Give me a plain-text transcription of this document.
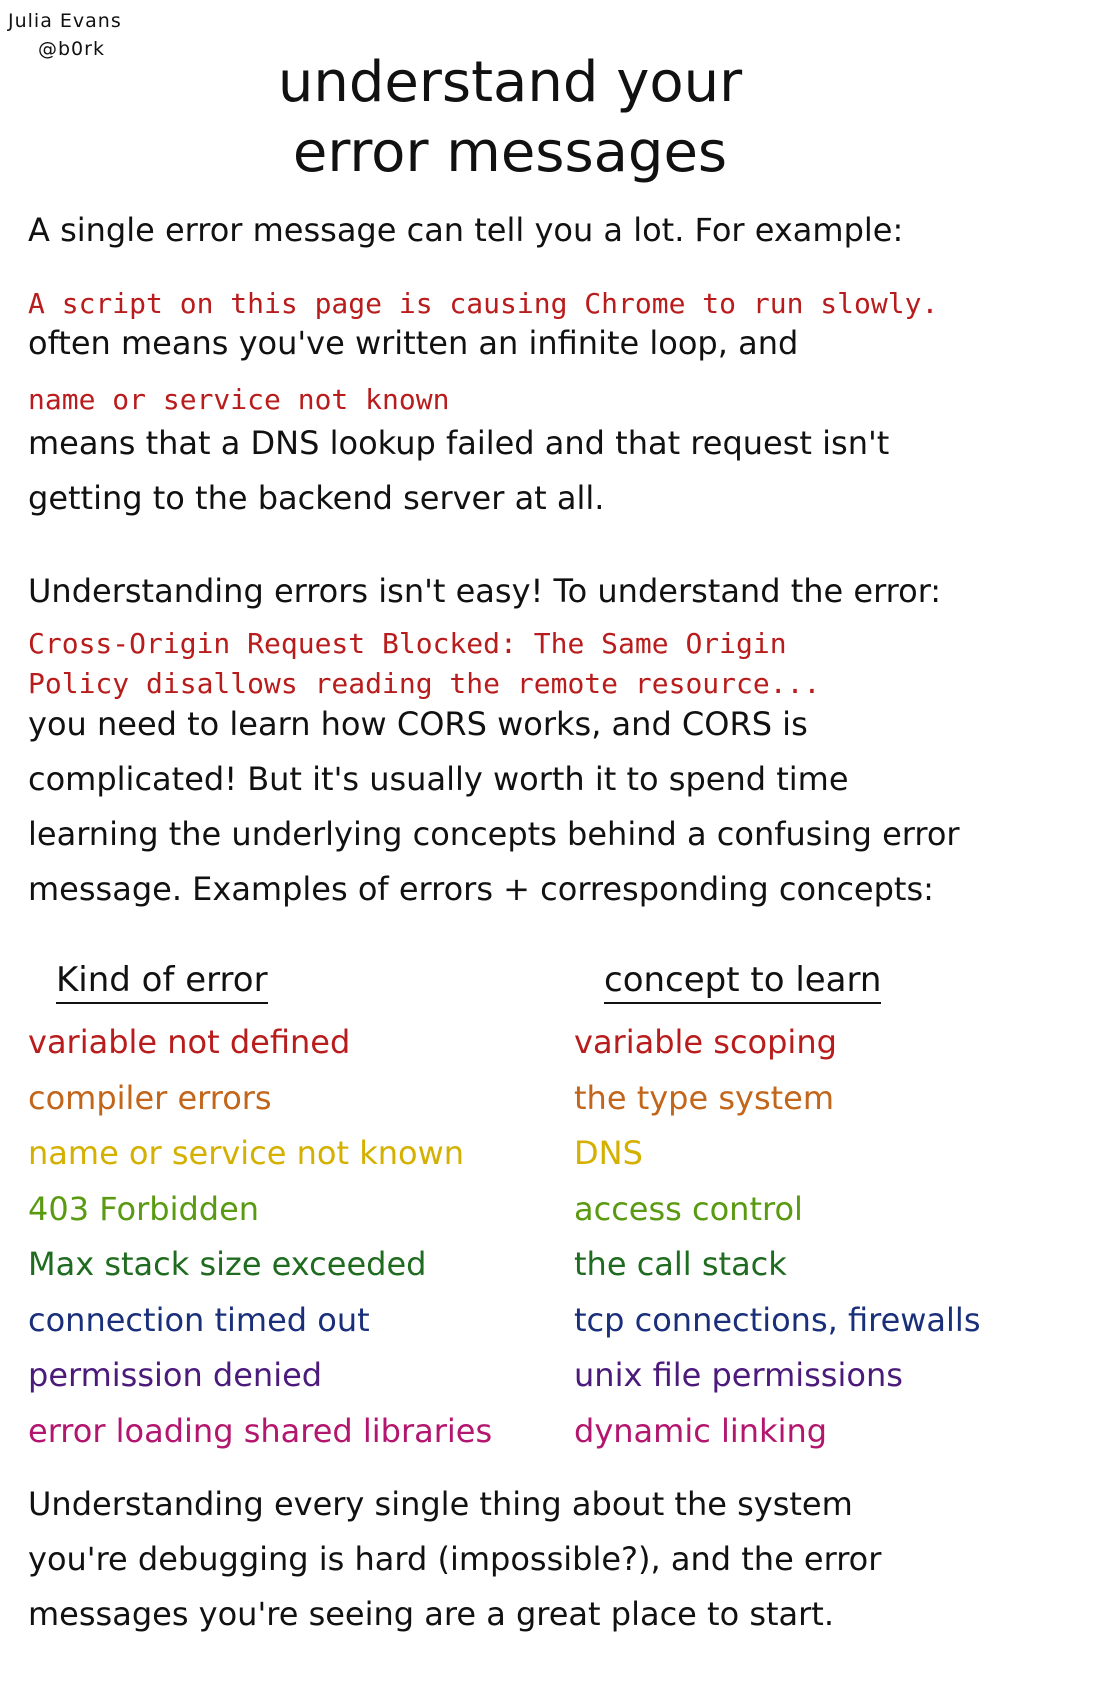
Julia Evans
@b0rk
understand your
error messages
A single error message can tell you a lot. For example:
A script on this page is causing Chrome to run slowly.
often means you've written an infinite loop, and
name or service not known
means that a DNS lookup failed and that request isn't
getting to the backend server at all.
Understanding errors isn't easy! To understand the error:
Cross-Origin Request Blocked: The Same Origin
Policy disallows reading the remote resource...
you need to learn how CORS works, and CORS is
complicated! But it's usually worth it to spend time
learning the underlying concepts behind a confusing error
message. Examples of errors + corresponding concepts:
Kind of error	concept to learn
variable not defined	variable scoping
compiler errors	the type system
name or service not known	DNS
403 Forbidden	access control
Max stack size exceeded	the call stack
connection timed out	tcp connections, firewalls
permission denied	unix file permissions
error loading shared libraries	dynamic linking
Understanding every single thing about the system
you're debugging is hard (impossible?), and the error
messages you're seeing are a great place to start.
